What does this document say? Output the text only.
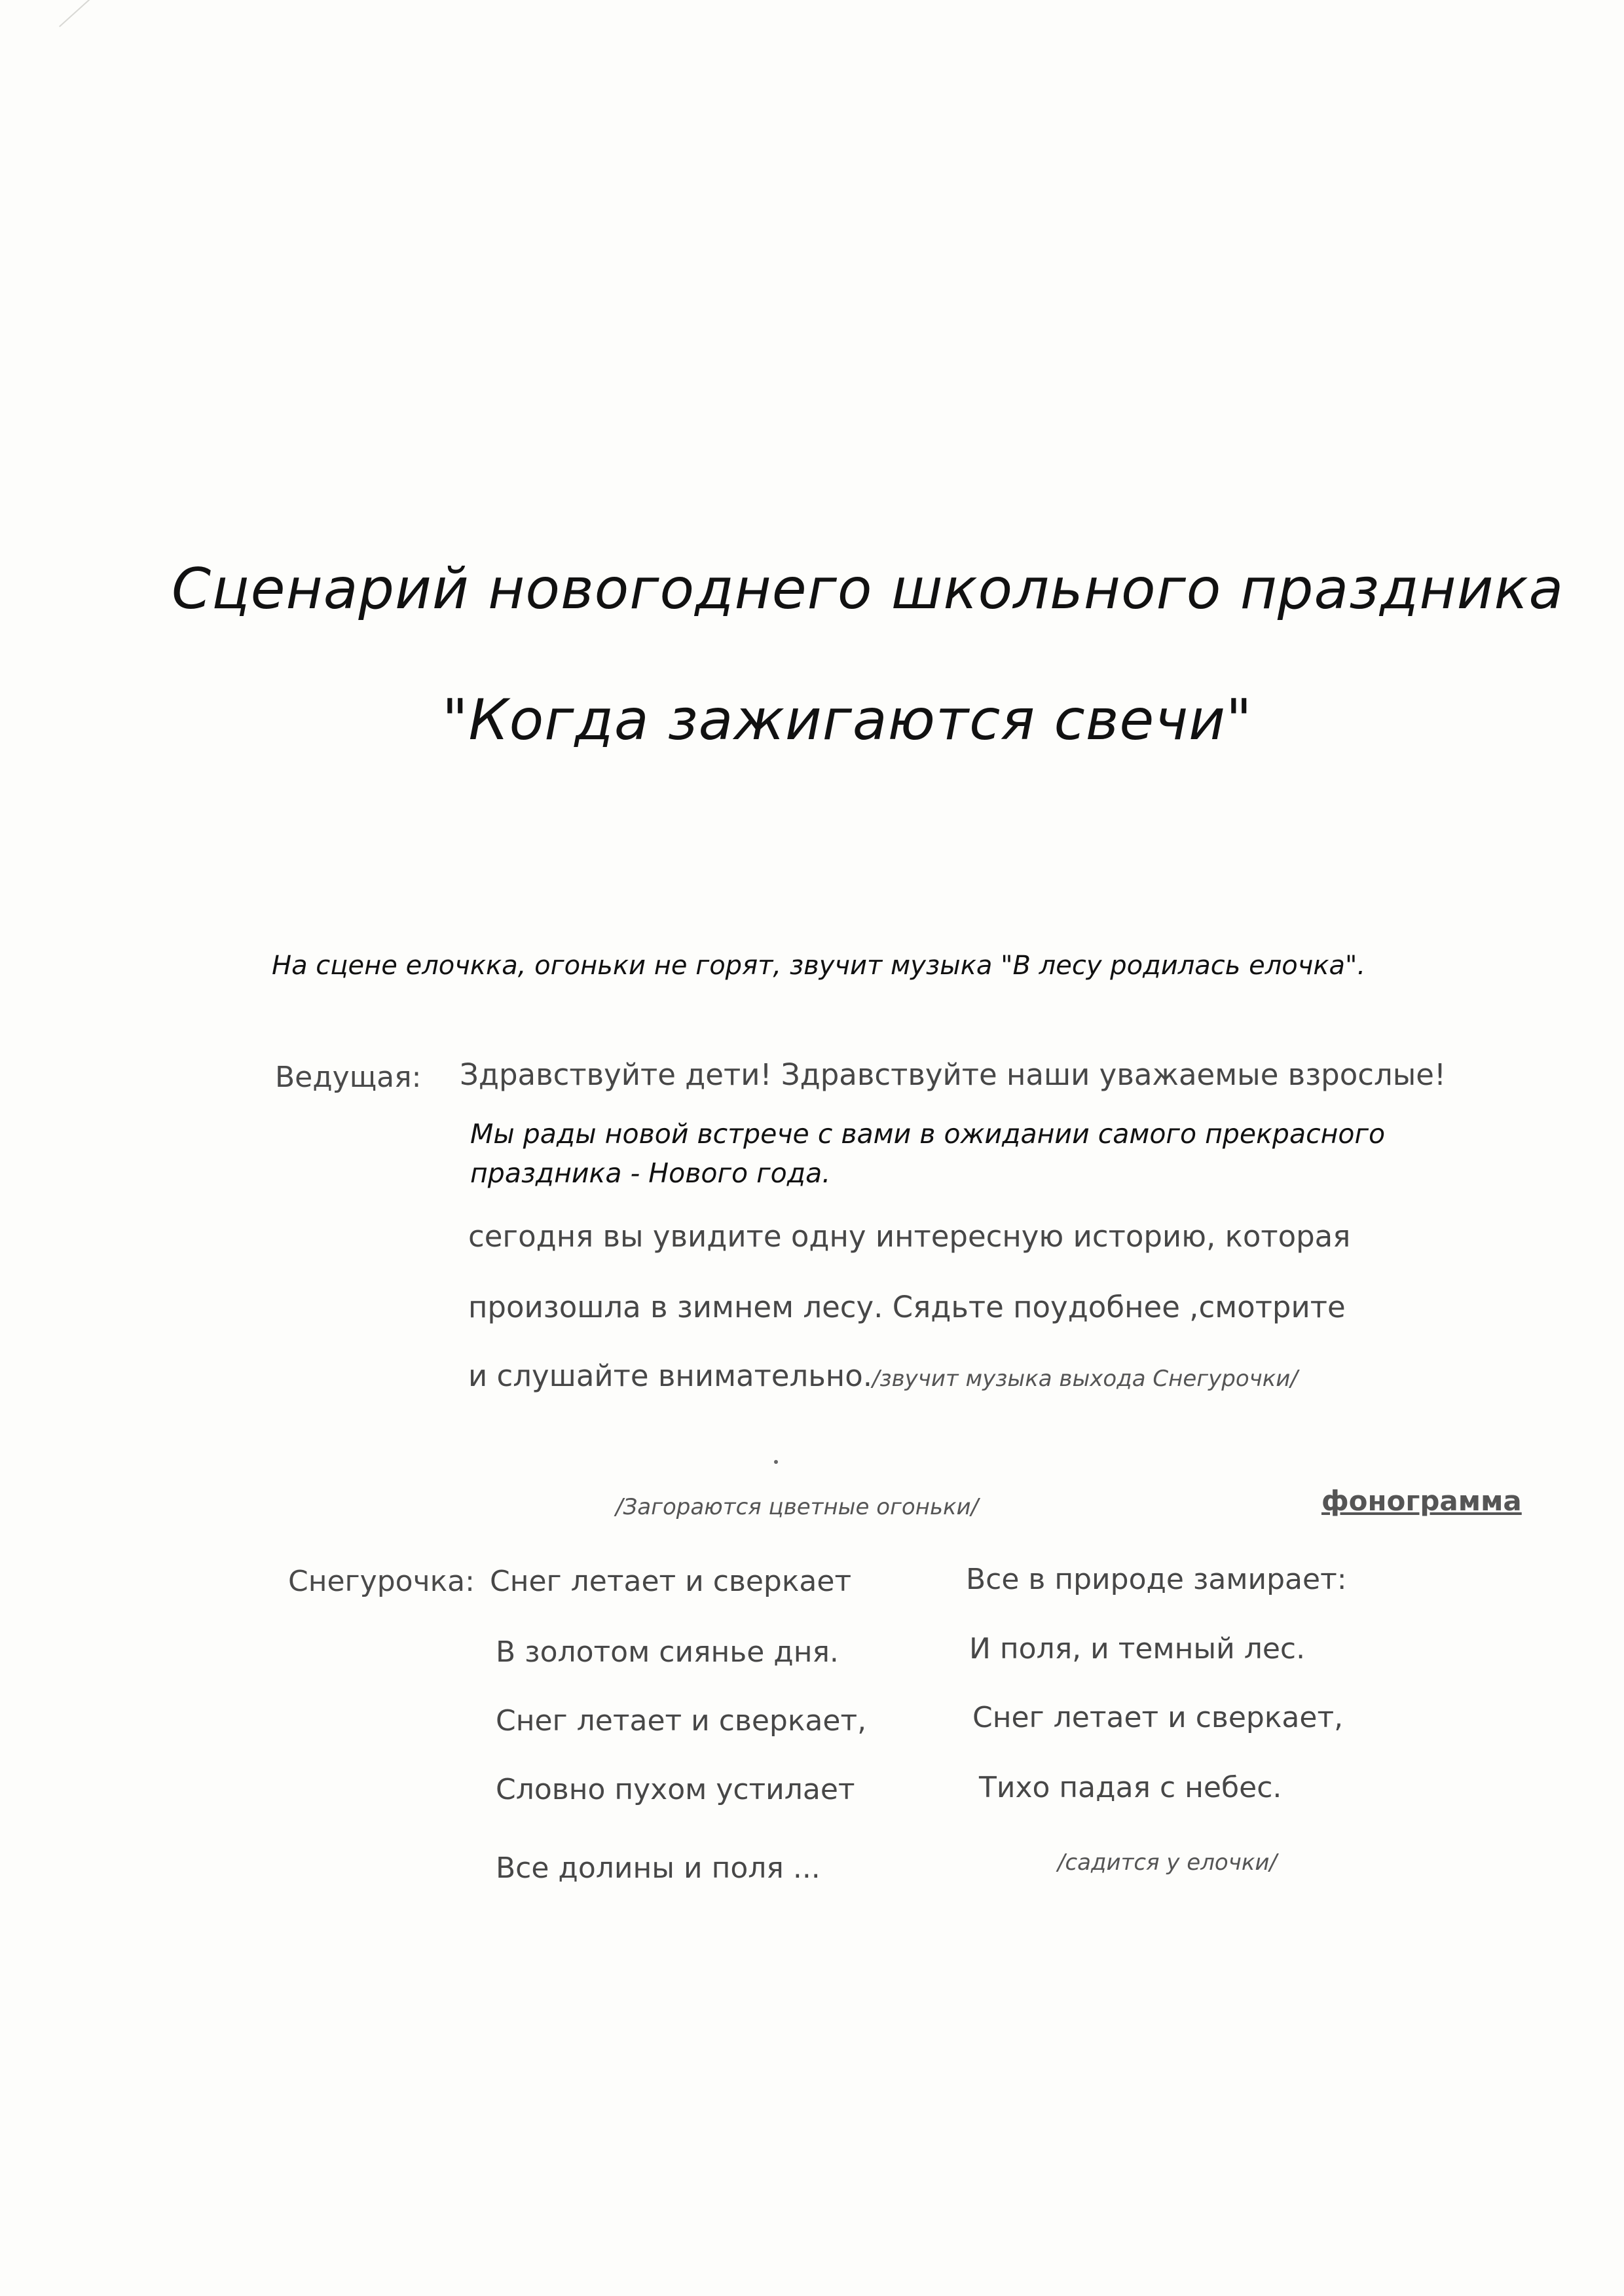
Сценарий новогоднего школьного праздника
"Когда зажигаются свечи"
На сцене елочкка, огоньки не горят, звучит музыка "В лесу родилась елочка".
Ведущая: Здравствуйте дети! Здравствуйте наши уважаемые взрослые!
Мы рады новой встрече с вами в ожидании самого прекрасного
праздника - Нового года.
сегодня вы увидите одну интересную историю, которая
произошла в зимнем лесу. Сядьте поудобнее ,смотрите
и слушайте внимательно./звучит музыка выхода Снегурочки/
/Загораются цветные огоньки/	фонограмма
Снегурочка: Снег летает и сверкает
В золотом сиянье дня.
Снег летает и сверкает,
Словно пухом устилает
Все долины и поля ...
Все в природе замирает:
И поля, и темный лес.
Снег летает и сверкает,
Тихо падая с небес.
/садится у елочки/
